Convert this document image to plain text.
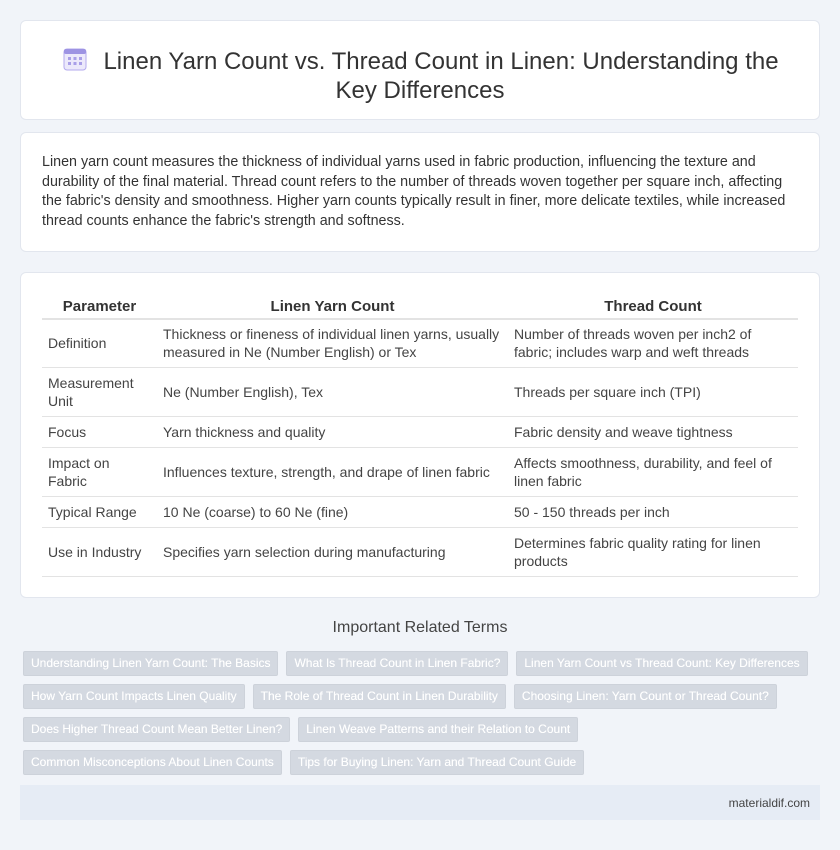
Linen Yarn Count vs. Thread Count in Linen: Understanding the Key Differences

Linen yarn count measures the thickness of individual yarns used in fabric production, influencing the texture and durability of the final material. Thread count refers to the number of threads woven together per square inch, affecting the fabric's density and smoothness. Higher yarn counts typically result in finer, more delicate textiles, while increased thread counts enhance the fabric's strength and softness.

Parameter	Linen Yarn Count	Thread Count
Definition	Thickness or fineness of individual linen yarns, usually measured in Ne (Number English) or Tex	Number of threads woven per inch2 of fabric; includes warp and weft threads
Measurement Unit	Ne (Number English), Tex	Threads per square inch (TPI)
Focus	Yarn thickness and quality	Fabric density and weave tightness
Impact on Fabric	Influences texture, strength, and drape of linen fabric	Affects smoothness, durability, and feel of linen fabric
Typical Range	10 Ne (coarse) to 60 Ne (fine)	50 - 150 threads per inch
Use in Industry	Specifies yarn selection during manufacturing	Determines fabric quality rating for linen products
Important Related Terms
Understanding Linen Yarn Count: The Basics	What Is Thread Count in Linen Fabric?	Linen Yarn Count vs Thread Count: Key Differences
How Yarn Count Impacts Linen Quality	The Role of Thread Count in Linen Durability	Choosing Linen: Yarn Count or Thread Count?
Does Higher Thread Count Mean Better Linen?	Linen Weave Patterns and their Relation to Count
Common Misconceptions About Linen Counts	Tips for Buying Linen: Yarn and Thread Count Guide
materialdif.com
